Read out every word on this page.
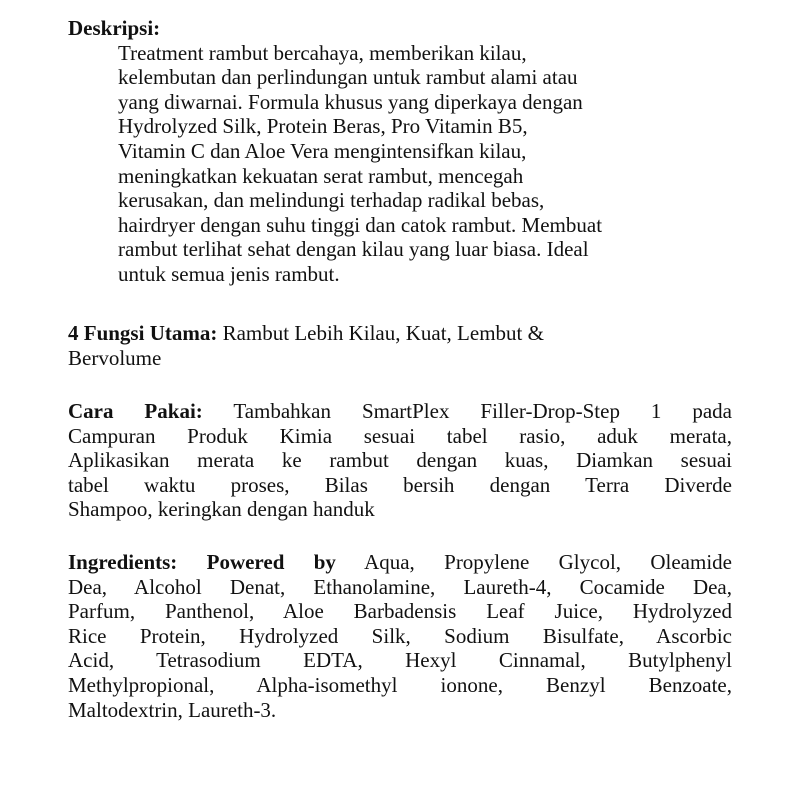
Deskripsi:
Treatment rambut bercahaya, memberikan kilau,
kelembutan dan perlindungan untuk rambut alami atau
yang diwarnai. Formula khusus yang diperkaya dengan
Hydrolyzed Silk, Protein Beras, Pro Vitamin B5,
Vitamin C dan Aloe Vera mengintensifkan kilau,
meningkatkan kekuatan serat rambut, mencegah
kerusakan, dan melindungi terhadap radikal bebas,
hairdryer dengan suhu tinggi dan catok rambut. Membuat
rambut terlihat sehat dengan kilau yang luar biasa. Ideal
untuk semua jenis rambut.
4 Fungsi Utama: Rambut Lebih Kilau, Kuat, Lembut &
Bervolume
Cara Pakai: Tambahkan SmartPlex Filler-Drop-Step 1 pada
Campuran Produk Kimia sesuai tabel rasio, aduk merata,
Aplikasikan merata ke rambut dengan kuas, Diamkan sesuai
tabel waktu proses, Bilas bersih dengan Terra Diverde
Shampoo, keringkan dengan handuk
Ingredients: Powered by Aqua, Propylene Glycol, Oleamide
Dea, Alcohol Denat, Ethanolamine, Laureth-4, Cocamide Dea,
Parfum, Panthenol, Aloe Barbadensis Leaf Juice, Hydrolyzed
Rice Protein, Hydrolyzed Silk, Sodium Bisulfate, Ascorbic
Acid, Tetrasodium EDTA, Hexyl Cinnamal, Butylphenyl
Methylpropional, Alpha-isomethyl ionone, Benzyl Benzoate,
Maltodextrin, Laureth-3.
